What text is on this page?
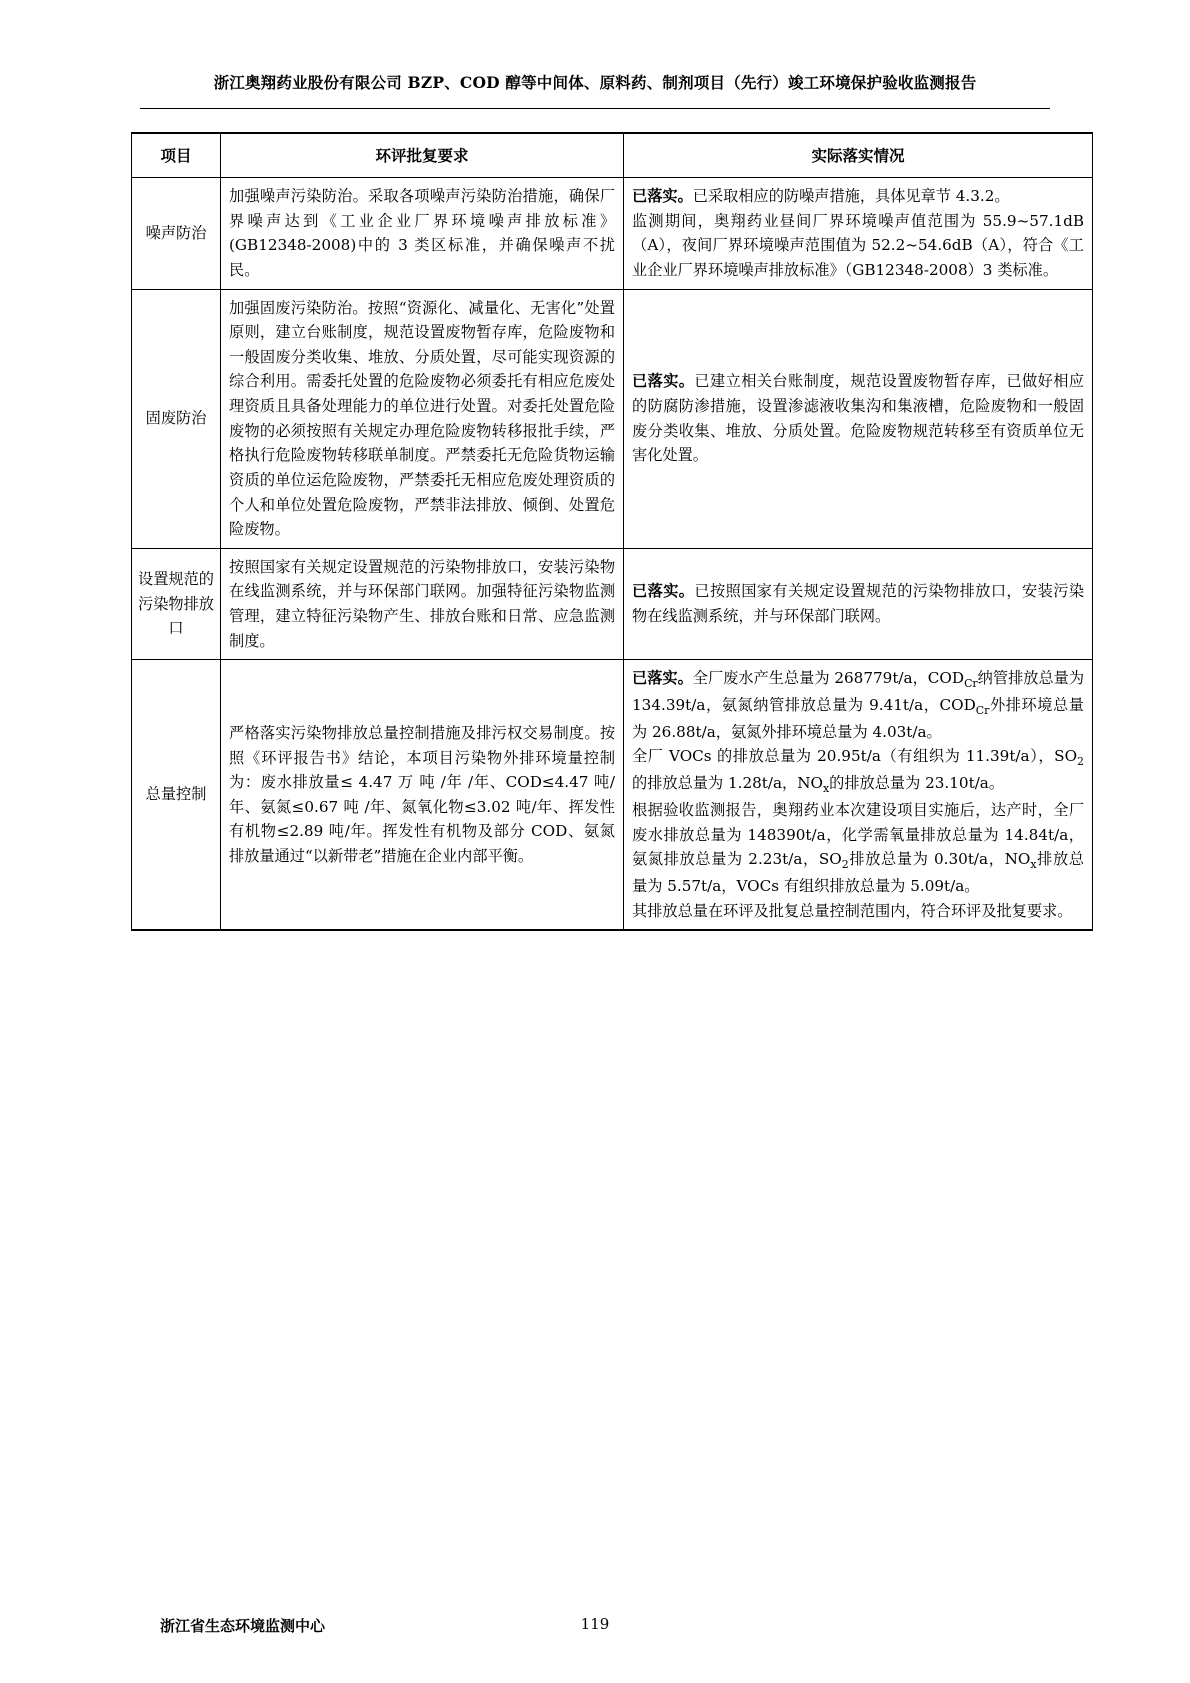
浙江奥翔药业股份有限公司 BZP、COD 醇等中间体、原料药、制剂项目（先行）竣工环境保护验收监测报告
项目	环评批复要求	实际落实情况
噪声防治	加强噪声污染防治。采取各项噪声污染防治措施，确保厂界噪声达到《工业企业厂界环境噪声排放标准》(GB12348-2008)中的 3 类区标准，并确保噪声不扰民。	已落实。已采取相应的防噪声措施，具体见章节 4.3.2。
监测期间，奥翔药业昼间厂界环境噪声值范围为 55.9~57.1dB（A），夜间厂界环境噪声范围值为 52.2~54.6dB（A），符合《工业企业厂界环境噪声排放标准》（GB12348-2008）3 类标准。

固废防治	加强固废污染防治。按照“资源化、减量化、无害化”处置原则，建立台账制度，规范设置废物暂存库，危险废物和一般固废分类收集、堆放、分质处置，尽可能实现资源的综合利用。需委托处置的危险废物必须委托有相应危废处理资质且具备处理能力的单位进行处置。对委托处置危险废物的必须按照有关规定办理危险废物转移报批手续，严格执行危险废物转移联单制度。严禁委托无危险货物运输资质的单位运危险废物，严禁委托无相应危废处理资质的个人和单位处置危险废物，严禁非法排放、倾倒、处置危险废物。	已落实。已建立相关台账制度，规范设置废物暂存库，已做好相应的防腐防渗措施，设置渗滤液收集沟和集液槽，危险废物和一般固废分类收集、堆放、分质处置。危险废物规范转移至有资质单位无害化处置。

设置规范的污染物排放口	按照国家有关规定设置规范的污染物排放口，安装污染物在线监测系统，并与环保部门联网。加强特征污染物监测管理，建立特征污染物产生、排放台账和日常、应急监测制度。	已落实。已按照国家有关规定设置规范的污染物排放口，安装污染物在线监测系统，并与环保部门联网。

总量控制	严格落实污染物排放总量控制措施及排污权交易制度。按照《环评报告书》结论，本项目污染物外排环境量控制为：废水排放量≤ 4.47 万 吨 /年 /年、COD≤4.47 吨/年、氨氮≤0.67 吨 /年、氮氧化物≤3.02 吨/年、挥发性有机物≤2.89 吨/年。挥发性有机物及部分 COD、氨氮排放量通过“以新带老”措施在企业内部平衡。	已落实。全厂废水产生总量为 268779t/a，$COD_{Cr}$纳管排放总量为 134.39t/a，氨氮纳管排放总量为 9.41t/a，$COD_{Cr}$外排环境总量为 26.88t/a，氨氮外排环境总量为 4.03t/a。
全厂 VOCs 的排放总量为 20.95t/a（有组织为 11.39t/a），$SO_2$的排放总量为 1.28t/a，$NO_x$的排放总量为 23.10t/a。
根据验收监测报告，奥翔药业本次建设项目实施后，达产时，全厂废水排放总量为 148390t/a，化学需氧量排放总量为 14.84t/a，氨氮排放总量为 2.23t/a，$SO_2$排放总量为 0.30t/a，$NO_x$排放总量为 5.57t/a，VOCs 有组织排放总量为 5.09t/a。
其排放总量在环评及批复总量控制范围内，符合环评及批复要求。
浙江省生态环境监测中心	119
